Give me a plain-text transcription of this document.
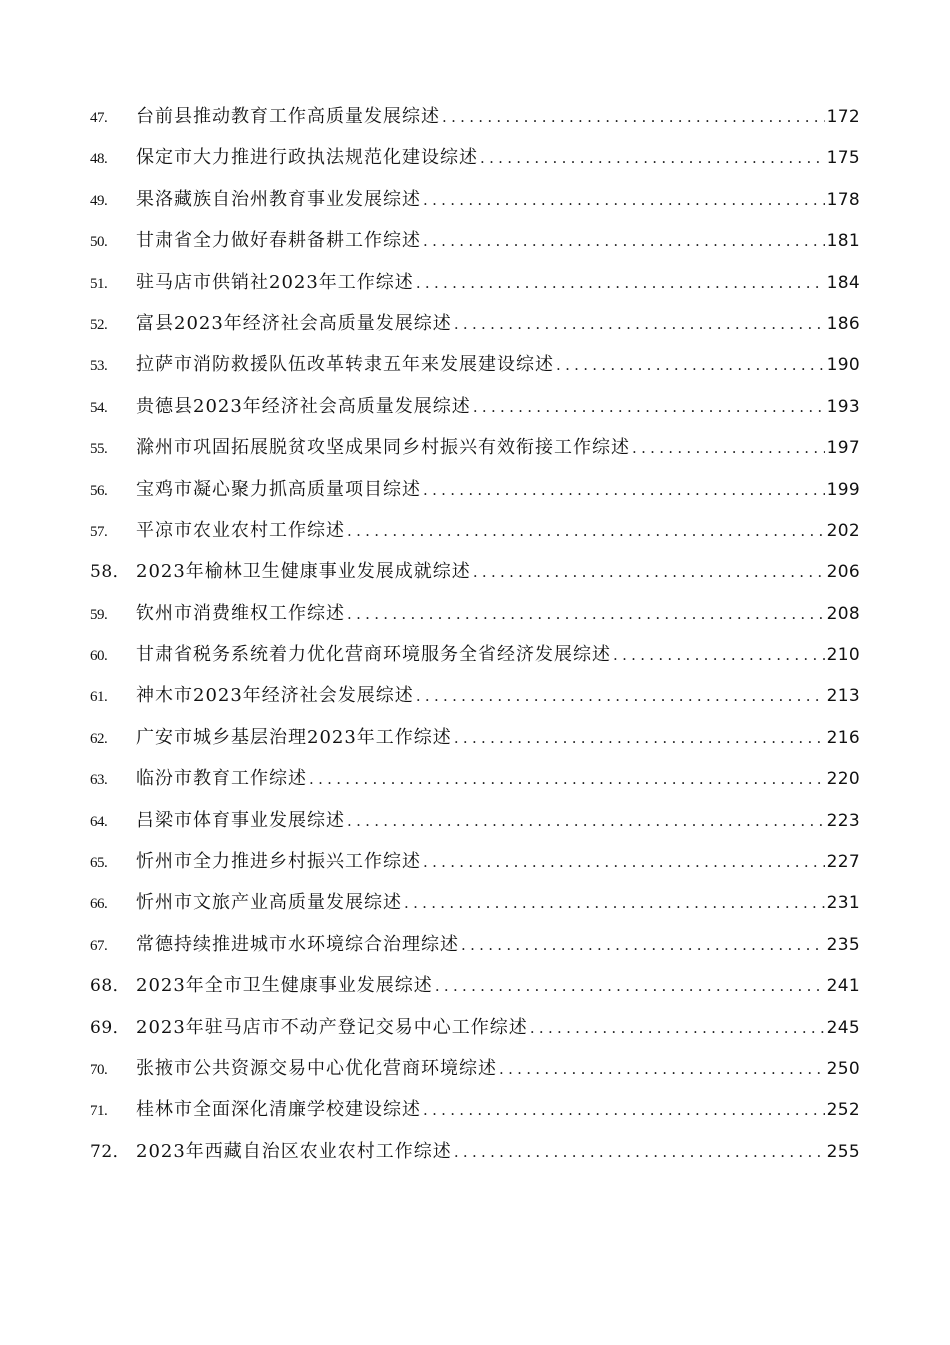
47.	台前县推动教育工作高质量发展综述 .....	172
48.	保定市大力推进行政执法规范化建设综述 .....	175
49.	果洛藏族自治州教育事业发展综述 .....	178
50.	甘肃省全力做好春耕备耕工作综述 .....	181
51.	驻马店市供销社2023年工作综述 .....	184
52.	富县2023年经济社会高质量发展综述 .....	186
53.	拉萨市消防救援队伍改革转隶五年来发展建设综述 .....	190
54.	贵德县2023年经济社会高质量发展综述 .....	193
55.	滁州市巩固拓展脱贫攻坚成果同乡村振兴有效衔接工作综述 .....	197
56.	宝鸡市凝心聚力抓高质量项目综述 .....	199
57.	平凉市农业农村工作综述 .....	202
58． 2023年榆林卫生健康事业发展成就综述 .....	206
59.	钦州市消费维权工作综述 .....	208
60.	甘肃省税务系统着力优化营商环境服务全省经济发展综述 .....	210
61.	神木市2023年经济社会发展综述 .....	213
62.	广安市城乡基层治理2023年工作综述 .....	216
63.	临汾市教育工作综述 .....	220
64.	吕梁市体育事业发展综述 .....	223
65.	忻州市全力推进乡村振兴工作综述 .....	227
66.	忻州市文旅产业高质量发展综述 .....	231
67.	常德持续推进城市水环境综合治理综述 .....	235
68． 2023年全市卫生健康事业发展综述 .....	241
69． 2023年驻马店市不动产登记交易中心工作综述 .....	245
70.	张掖市公共资源交易中心优化营商环境综述 .....	250
71.	桂林市全面深化清廉学校建设综述 .....	252
72． 2023年西藏自治区农业农村工作综述 .....	255
